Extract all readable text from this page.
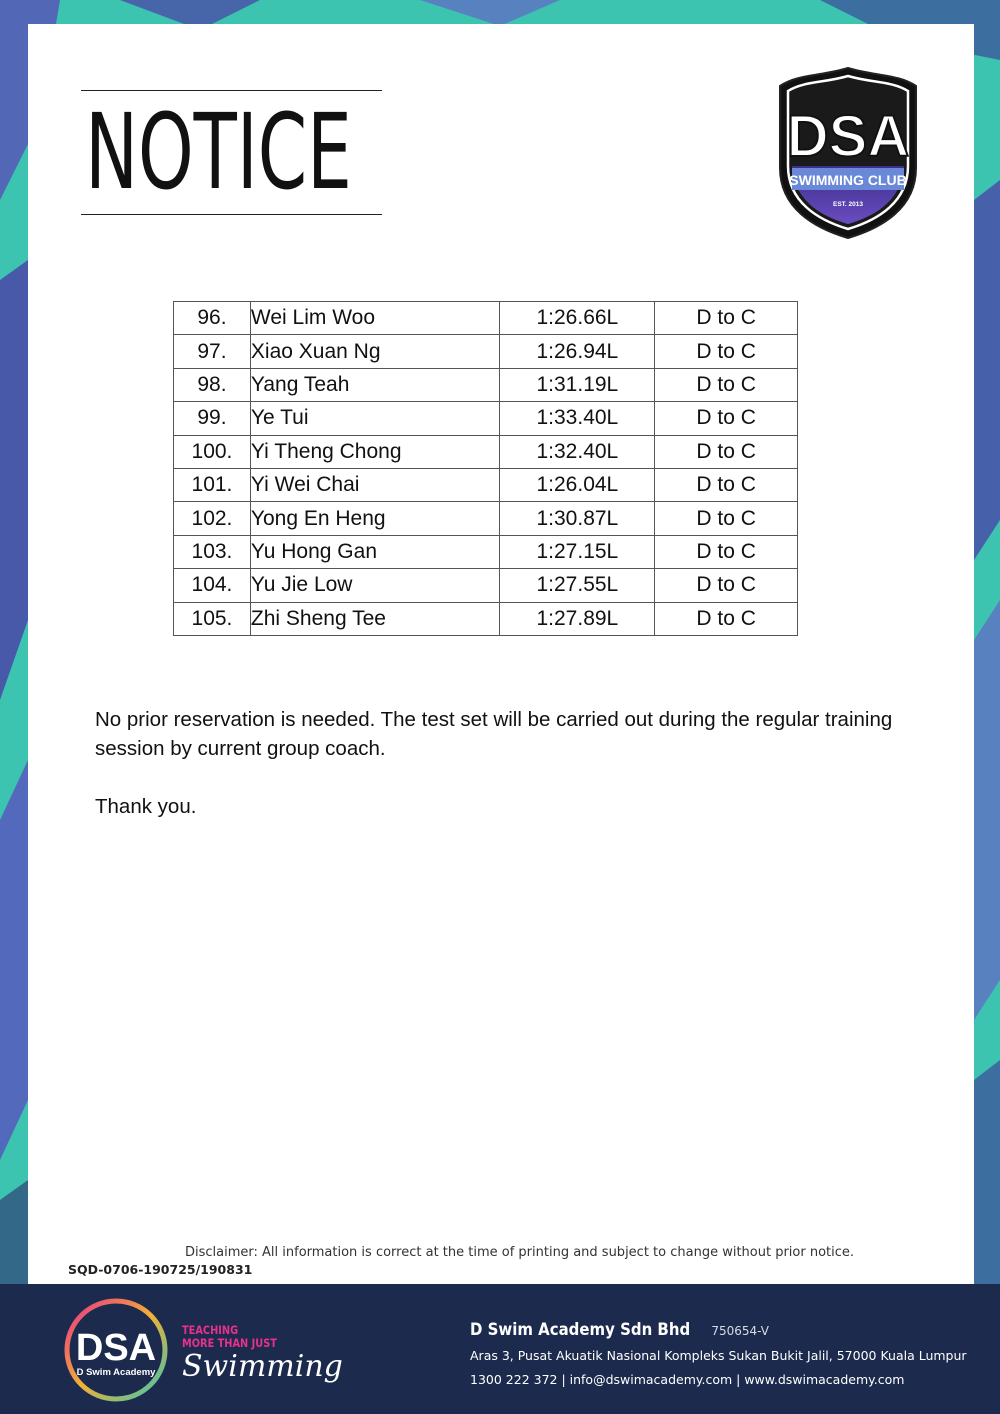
NOTICE	DSA
SWIMMING CLUB
EST. 2013
96.	Wei Lim Woo	1:26.66L	D to C
97.	Xiao Xuan Ng	1:26.94L	D to C
98.	Yang Teah	1:31.19L	D to C
99.	Ye Tui	1:33.40L	D to C
100.	Yi Theng Chong	1:32.40L	D to C
101.	Yi Wei Chai	1:26.04L	D to C
102.	Yong En Heng	1:30.87L	D to C
103.	Yu Hong Gan	1:27.15L	D to C
104.	Yu Jie Low	1:27.55L	D to C
105.	Zhi Sheng Tee	1:27.89L	D to C

No prior reservation is needed. The test set will be carried out during the regular training session by current group coach.

Thank you.

Disclaimer: All information is correct at the time of printing and subject to change without prior notice.
SQD-0706-190725/190831
DSA
D Swim Academy
TEACHING
MORE THAN JUST
Swimming
D Swim Academy Sdn Bhd 750654-V
Aras 3, Pusat Akuatik Nasional Kompleks Sukan Bukit Jalil, 57000 Kuala Lumpur
1300 222 372 | info@dswimacademy.com | www.dswimacademy.com
